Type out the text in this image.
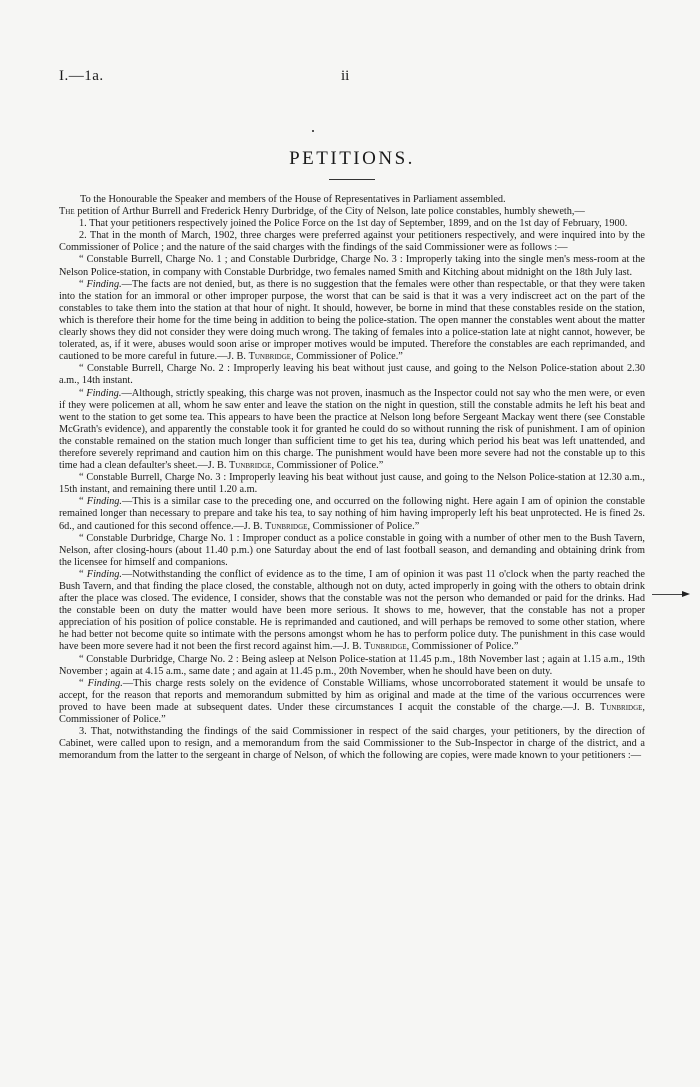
I.—1a.	ii
PETITIONS.

To the Honourable the Speaker and members of the House of Representatives in Parliament assembled.

The petition of Arthur Burrell and Frederick Henry Durbridge, of the City of Nelson, late police constables, humbly sheweth,—

1. That your petitioners respectively joined the Police Force on the 1st day of September, 1899, and on the 1st day of February, 1900.

2. That in the month of March, 1902, three charges were preferred against your petitioners respectively, and were inquired into by the Commissioner of Police ; and the nature of the said charges with the findings of the said Commissioner were as follows :—

“ Constable Burrell, Charge No. 1 ; and Constable Durbridge, Charge No. 3 : Improperly taking into the single men's mess-room at the Nelson Police-station, in company with Constable Durbridge, two females named Smith and Kitching about midnight on the 18th July last.

“ Finding.—The facts are not denied, but, as there is no suggestion that the females were other than respectable, or that they were taken into the station for an immoral or other improper purpose, the worst that can be said is that it was a very indiscreet act on the part of the constables to take them into the station at that hour of night. It should, however, be borne in mind that these constables reside on the station, which is therefore their home for the time being in addition to being the police-station. The open manner the constables went about the matter clearly shows they did not consider they were doing much wrong. The taking of females into a police-station late at night cannot, however, be tolerated, as, if it were, abuses would soon arise or improper motives would be imputed. Therefore the constables are each reprimanded, and cautioned to be more careful in future.—J. B. Tunbridge, Commissioner of Police.”

“ Constable Burrell, Charge No. 2 : Improperly leaving his beat without just cause, and going to the Nelson Police-station about 2.30 a.m., 14th instant.

“ Finding.—Although, strictly speaking, this charge was not proven, inasmuch as the Inspector could not say who the men were, or even if they were policemen at all, whom he saw enter and leave the station on the night in question, still the constable admits he left his beat and went to the station to get some tea. This appears to have been the practice at Nelson long before Sergeant Mackay went there (see Constable McGrath's evidence), and apparently the constable took it for granted he could do so without running the risk of punishment. I am of opinion the constable remained on the station much longer than sufficient time to get his tea, during which period his beat was left unattended, and therefore severely reprimand and caution him on this charge. The punishment would have been more severe had not the constable up to this time had a clean defaulter's sheet.—J. B. Tunbridge, Commissioner of Police.”

“ Constable Burrell, Charge No. 3 : Improperly leaving his beat without just cause, and going to the Nelson Police-station at 12.30 a.m., 15th instant, and remaining there until 1.20 a.m.

“ Finding.—This is a similar case to the preceding one, and occurred on the following night. Here again I am of opinion the constable remained longer than necessary to prepare and take his tea, to say nothing of him having improperly left his beat unprotected. He is fined 2s. 6d., and cautioned for this second offence.—J. B. Tunbridge, Commissioner of Police.”

“ Constable Durbridge, Charge No. 1 : Improper conduct as a police constable in going with a number of other men to the Bush Tavern, Nelson, after closing-hours (about 11.40 p.m.) one Saturday about the end of last football season, and demanding and obtaining drink from the licensee for himself and companions.

“ Finding.—Notwithstanding the conflict of evidence as to the time, I am of opinion it was past 11 o'clock when the party reached the Bush Tavern, and that finding the place closed, the constable, although not on duty, acted improperly in going with the others to obtain drink after the place was closed. The evidence, I consider, shows that the constable was not the person who demanded or paid for the drinks. Had the constable been on duty the matter would have been more serious. It shows to me, however, that the constable has not a proper appreciation of his position of police constable. He is reprimanded and cautioned, and will perhaps be removed to some other station, where he had better not become quite so intimate with the persons amongst whom he has to perform police duty. The punishment in this case would have been more severe had it not been the first record against him.—J. B. Tunbridge, Commissioner of Police.”

“ Constable Durbridge, Charge No. 2 : Being asleep at Nelson Police-station at 11.45 p.m., 18th November last ; again at 1.15 a.m., 19th November ; again at 4.15 a.m., same date ; and again at 11.45 p.m., 20th November, when he should have been on duty.

“ Finding.—This charge rests solely on the evidence of Constable Williams, whose uncorroborated statement it would be unsafe to accept, for the reason that reports and memorandum submitted by him as original and made at the time of the various occurrences were proved to have been made at subsequent dates. Under these circumstances I acquit the constable of the charge.—J. B. Tunbridge, Commissioner of Police.”

3. That, notwithstanding the findings of the said Commissioner in respect of the said charges, your petitioners, by the direction of Cabinet, were called upon to resign, and a memorandum from the said Commissioner to the Sub-Inspector in charge of the district, and a memorandum from the latter to the sergeant in charge of Nelson, of which the following are copies, were made known to your petitioners :—
